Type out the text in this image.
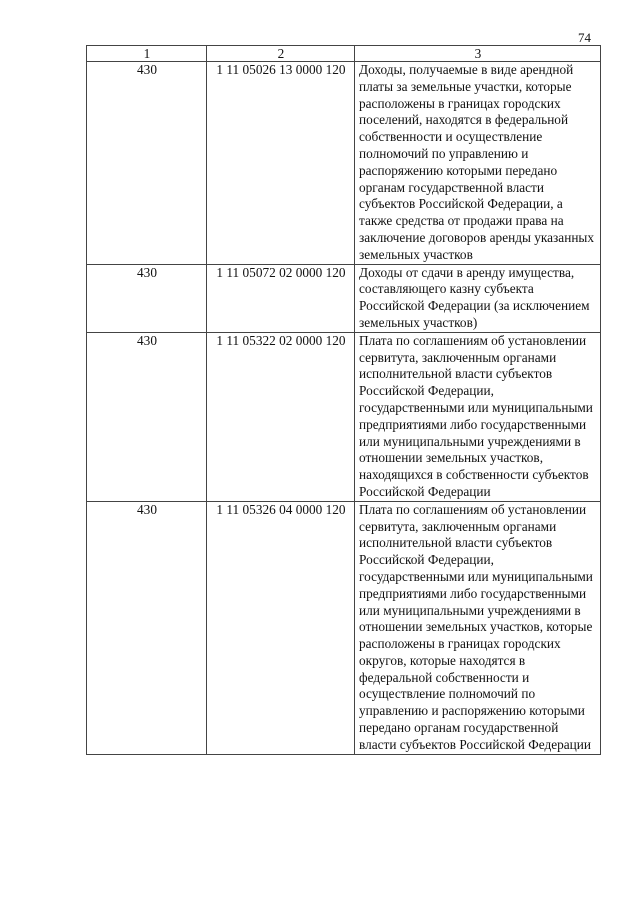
74
1	2	3
430	1 11 05026 13 0000 120	Доходы, получаемые в виде арендной платы за земельные участки, которые расположены в границах городских поселений, находятся в федеральной собственности и осуществление полномочий по управлению и распоряжению которыми передано органам государственной власти субъектов Российской Федерации, а также средства от продажи права на заключение договоров аренды указанных земельных участков
430	1 11 05072 02 0000 120	Доходы от сдачи в аренду имущества, составляющего казну субъекта Российской Федерации (за исключением земельных участков)
430	1 11 05322 02 0000 120	Плата по соглашениям об установлении сервитута, заключенным органами исполнительной власти субъектов Российской Федерации, государственными или муниципальными предприятиями либо государственными или муниципальными учреждениями в отношении земельных участков, находящихся в собственности субъектов Российской Федерации
430	1 11 05326 04 0000 120	Плата по соглашениям об установлении сервитута, заключенным органами исполнительной власти субъектов Российской Федерации, государственными или муниципальными предприятиями либо государственными или муниципальными учреждениями в отношении земельных участков, которые расположены в границах городских округов, которые находятся в федеральной собственности и осуществление полномочий по управлению и распоряжению которыми передано органам государственной власти субъектов Российской Федерации
